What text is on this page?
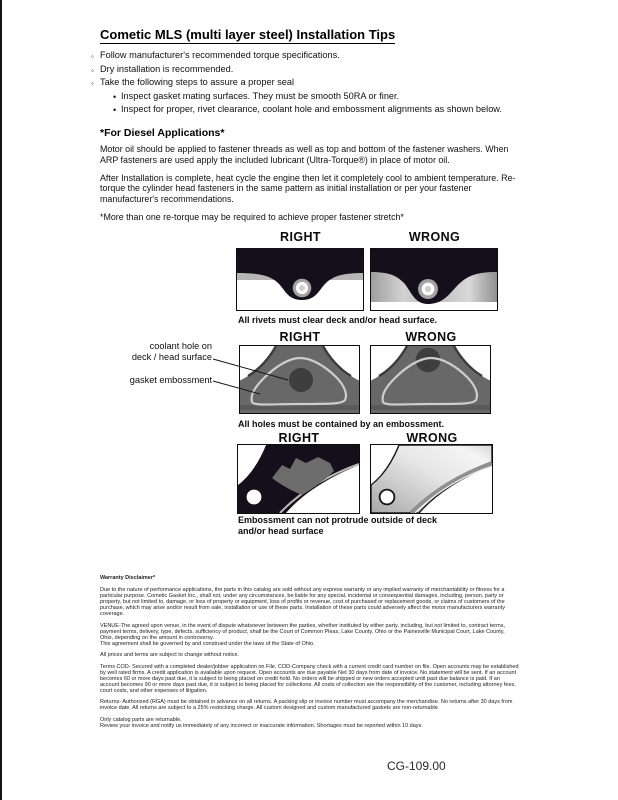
Cometic MLS (multi layer steel) Installation Tips
◦ Follow manufacturer's recommended torque specifications.
◦ Dry installation is recommended.
◦ Take the following steps to assure a proper seal
• Inspect gasket mating surfaces. They must be smooth 50RA or finer.
• Inspect for proper, rivet clearance, coolant hole and embossment alignments as shown below.
*For Diesel Applications*
Motor oil should be applied to fastener threads as well as top and bottom of the fastener washers. When ARP fasteners are used apply the included lubricant (Ultra-Torque®) in place of motor oil.
After Installation is complete, heat cycle the engine then let it completely cool to ambient temperature. Re-torque the cylinder head fasteners in the same pattern as initial installation or per your fastener manufacturer's recommendations.
*More than one re-torque may be required to achieve proper fastener stretch*
RIGHT	WRONG
All rivets must clear deck and/or head surface.
RIGHT	WRONG
coolant hole on
deck / head surface
gasket embossment
All holes must be contained by an embossment.
RIGHT	WRONG
Embossment can not protrude outside of deck
and/or head surface

Warranty Disclaimer*

Due to the nature of performance applications, the parts in this catalog are sold without any express warranty or any implied warranty of merchantability or fitness for a particular purpose. Cometic Gasket Inc., shall not, under any circumstances, be liable for any special, incidental or consequential damages, including, person, party or property, but not limited to, damage, or loss of property or equipment, loss of profits or revenue, cost of purchased or replacement goods, or claims of customers of the purchase, which may arise and/or result from sale, installation or use of these parts. Installation of these parts could adversely affect the motor manufacturers warranty coverage.

VENUE-The agreed upon venue, in the event of dispute whatsoever between the parties, whether instituted by either party, including, but not limited to, contract terms, payment terms, delivery, type, defects, sufficiency of product, shall be the Court of Common Pleas, Lake County, Ohio or the Painesville Municipal Court, Lake County, Ohio, depending on the amount in controversy.
This agreement shall be governed by and construed under the laws of the State of Ohio.

All prices and terms are subject to change without notice.

Terms COD- Secured with a completed dealer/jobber application on File, COD-Company check with a current credit card number on file. Open accounts may be established by well rated firms. A credit application is available upon request. Open accounts are due payable Net 30 days from date of invoice. No statement will be sent. If an account becomes 60 or more days past due, it is subject to being placed on credit hold. No orders will be shipped or new orders accepted until past due balance is paid. If an account becomes 90 or more days past due, it is subject to being placed for collections. All costs of collection are the responsibility of the customer, including attorney fees, court costs, and other expenses of litigation.

Returns- Authorized (RGA) must be obtained in advance on all returns. A packing slip or invoice number must accompany the merchandise. No returns after 30 days from invoice date. All returns are subject to a 25% restocking charge. All custom designed and custom manufactured gaskets are non-returnable.

Only catalog parts are returnable.
Review your invoice and notify us immediately of any incorrect or inaccurate information. Shortages must be reported within 10 days.

CG-109.00
